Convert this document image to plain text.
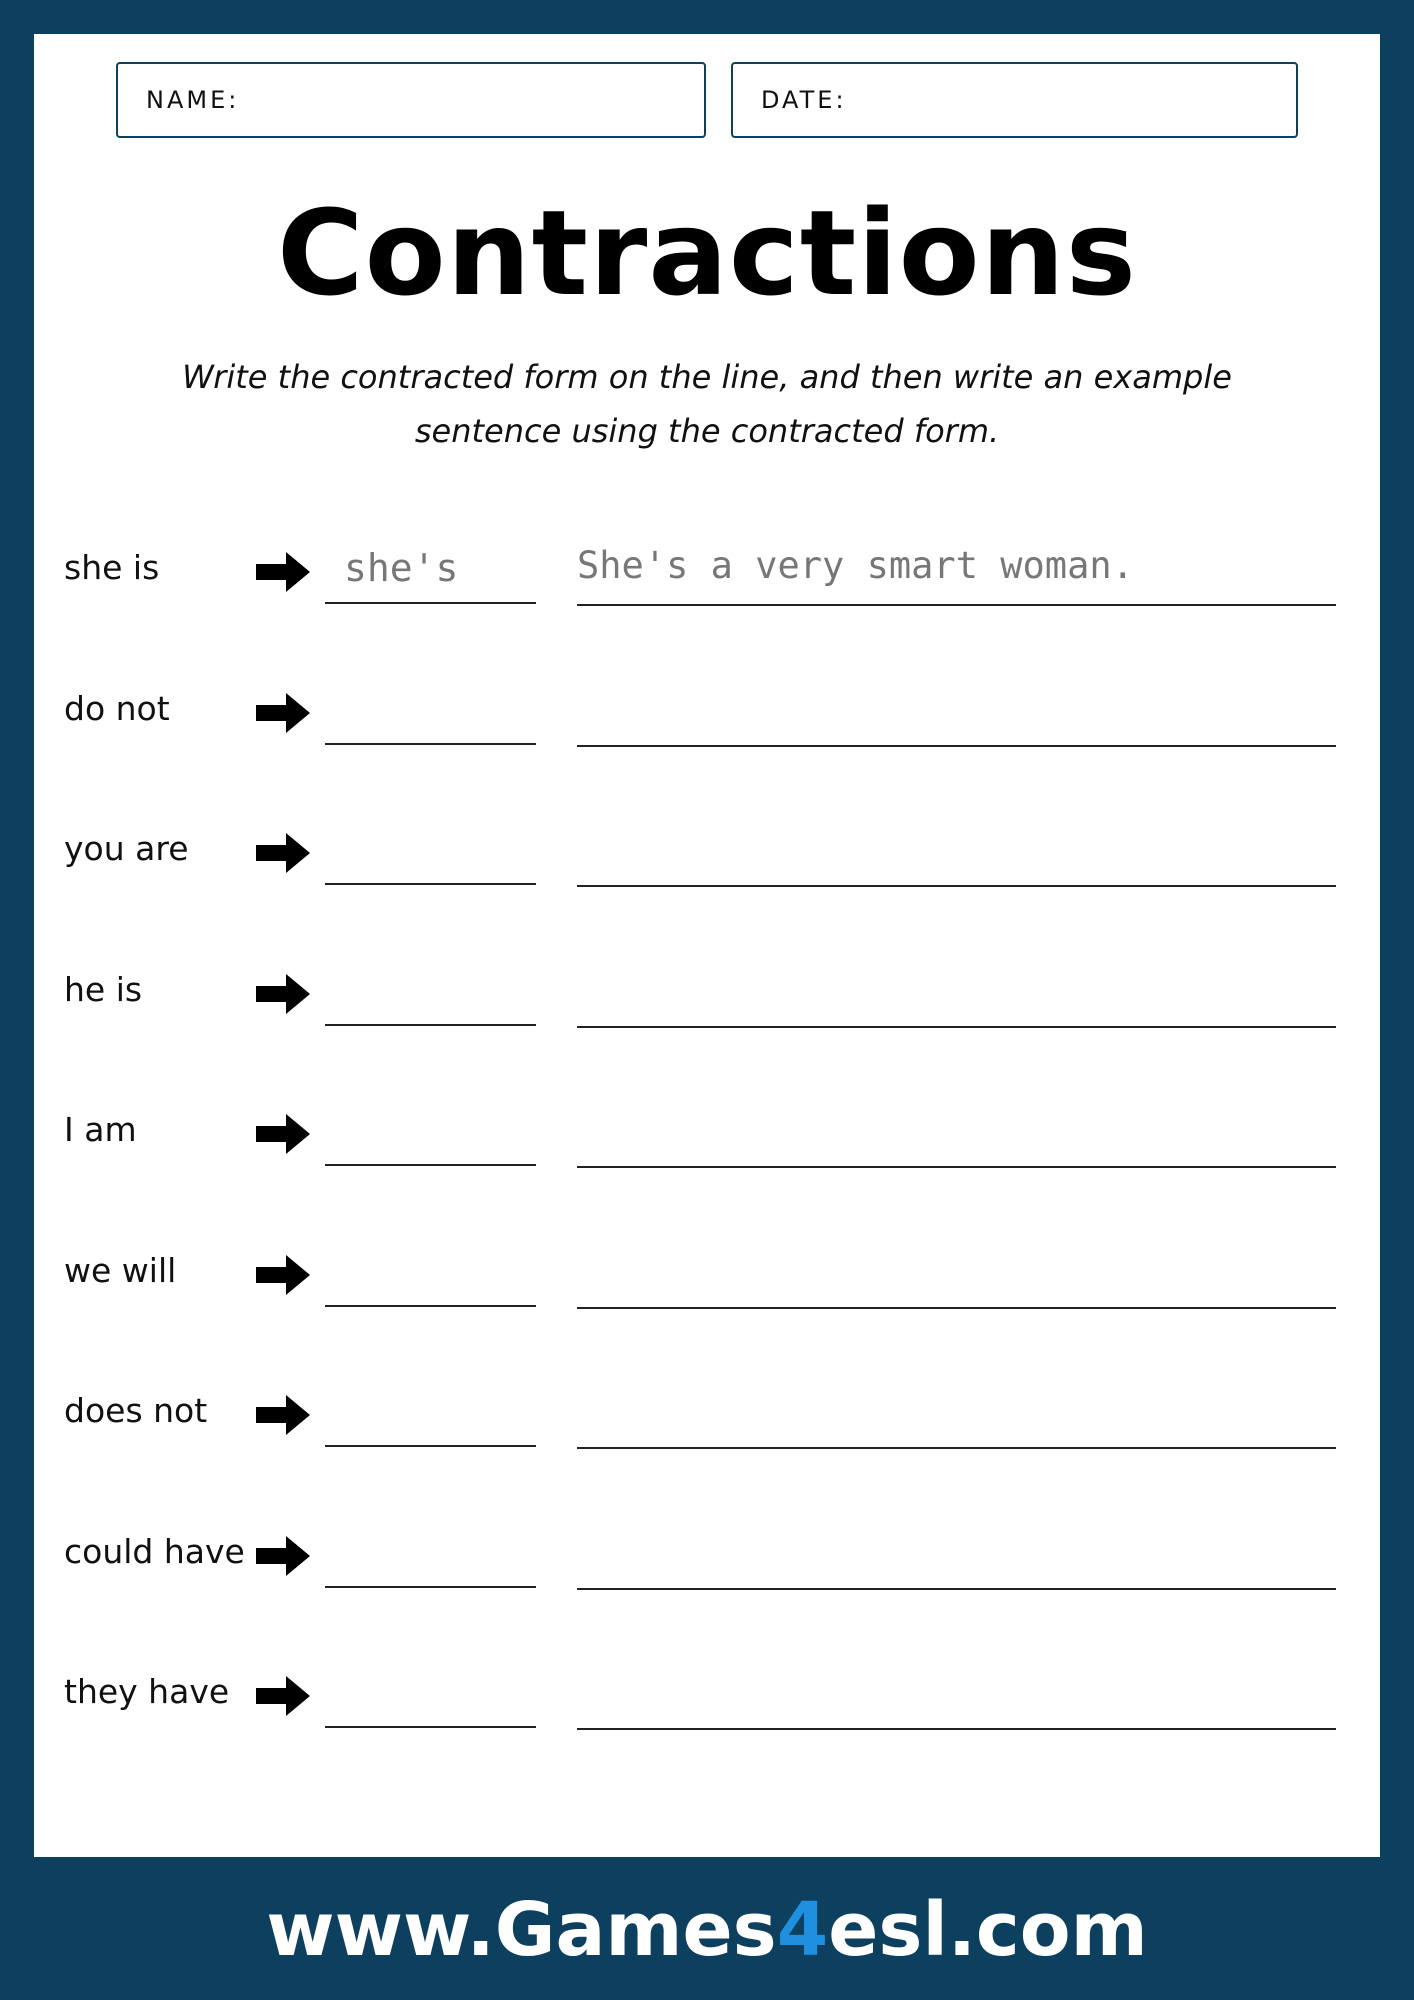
NAME:	DATE:
Contractions
Write the contracted form on the line, and then write an example
sentence using the contracted form.
she is	she's	She's a very smart woman.
do not
you are
he is
I am
we will
does not
could have
they have
www.Games4esl.com
